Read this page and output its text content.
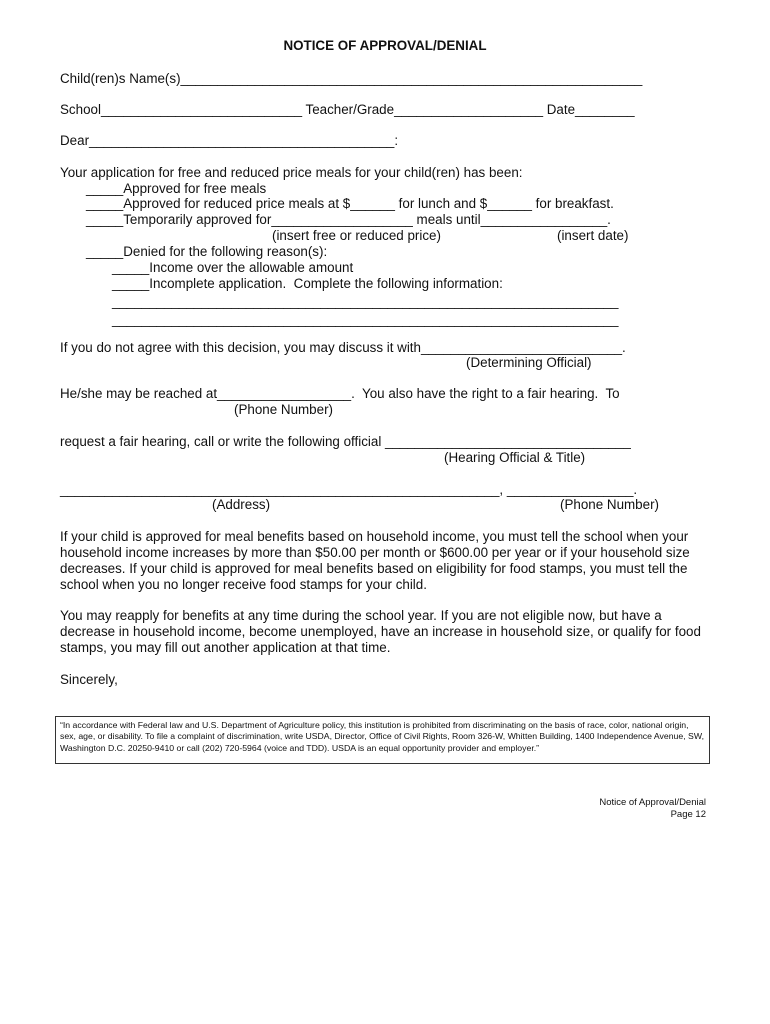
NOTICE OF APPROVAL/DENIAL
Child(ren)s Name(s)______________________________________________________________
School___________________________ Teacher/Grade____________________ Date________
Dear_________________________________________:
Your application for free and reduced price meals for your child(ren) has been:
_____Approved for free meals
_____Approved for reduced price meals at $______ for lunch and $______ for breakfast.
_____Temporarily approved for___________________ meals until_________________.
(insert free or reduced price)	(insert date)
_____Denied for the following reason(s):
_____Income over the allowable amount
_____Incomplete application.  Complete the following information:
____________________________________________________________________
____________________________________________________________________
If you do not agree with this decision, you may discuss it with___________________________.
(Determining Official)
He/she may be reached at__________________.  You also have the right to a fair hearing.  To
(Phone Number)
request a fair hearing, call or write the following official _________________________________
(Hearing Official & Title)
___________________________________________________________, _________________.
(Address)	(Phone Number)

If your child is approved for meal benefits based on household income, you must tell the school when your household income increases by more than $50.00 per month or $600.00 per year or if your household size decreases. If your child is approved for meal benefits based on eligibility for food stamps, you must tell the school when you no longer receive food stamps for your child.

You may reapply for benefits at any time during the school year. If you are not eligible now, but have a decrease in household income, become unemployed, have an increase in household size, or qualify for food stamps, you may fill out another application at that time.

Sincerely,
“In accordance with Federal law and U.S. Department of Agriculture policy, this institution is prohibited from discriminating on the basis of race, color, national origin, sex, age, or disability. To file a complaint of discrimination, write USDA, Director, Office of Civil Rights, Room 326-W, Whitten Building, 1400 Independence Avenue, SW, Washington D.C. 20250-9410 or call (202) 720-5964 (voice and TDD). USDA is an equal opportunity provider and employer.”
Notice of Approval/Denial
Page 12
